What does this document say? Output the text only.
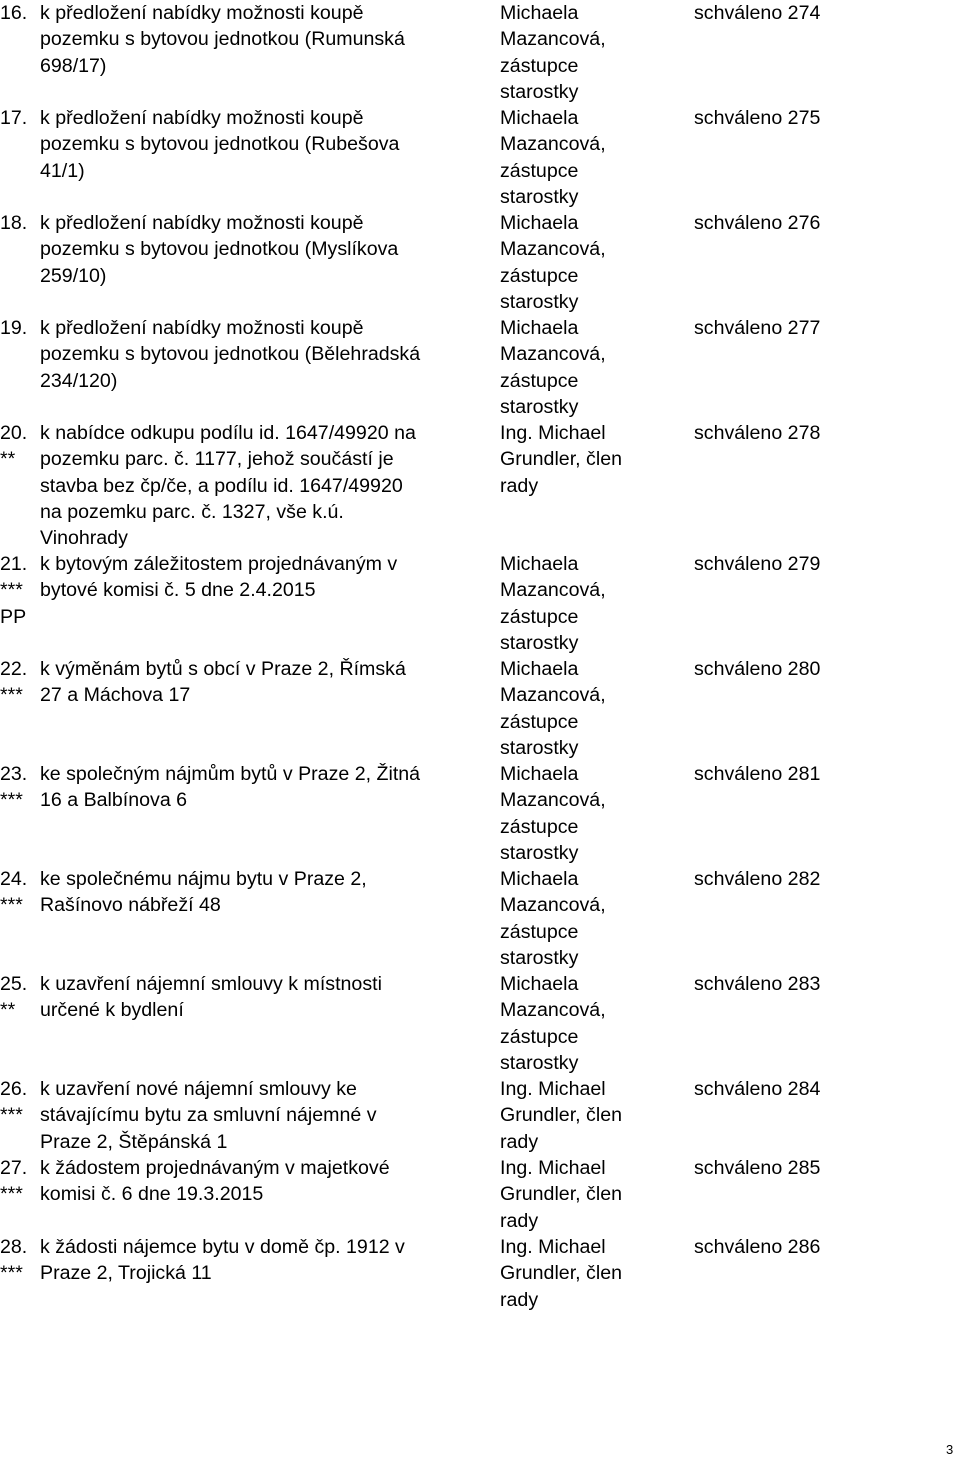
16. k předložení nabídky možnosti koupě
pozemku s bytovou jednotkou (Rumunská
698/17)
Michaela
Mazancová,
zástupce
starostky
schváleno 274
17. k předložení nabídky možnosti koupě
pozemku s bytovou jednotkou (Rubešova
41/1)
Michaela
Mazancová,
zástupce
starostky
schváleno 275
18. k předložení nabídky možnosti koupě
pozemku s bytovou jednotkou (Myslíkova
259/10)
Michaela
Mazancová,
zástupce
starostky
schváleno 276
19. k předložení nabídky možnosti koupě
pozemku s bytovou jednotkou (Bělehradská
234/120)
Michaela
Mazancová,
zástupce
starostky
schváleno 277
20.
**
k nabídce odkupu podílu id. 1647/49920 na
pozemku parc. č. 1177, jehož součástí je
stavba bez čp/če, a podílu id. 1647/49920
na pozemku parc. č. 1327, vše k.ú.
Vinohrady
Ing. Michael
Grundler, člen
rady
schváleno 278
21.
***
PP
k bytovým záležitostem projednávaným v
bytové komisi č. 5 dne 2.4.2015
Michaela
Mazancová,
zástupce
starostky
schváleno 279
22.
***
k výměnám bytů s obcí v Praze 2, Římská
27 a Máchova 17
Michaela
Mazancová,
zástupce
starostky
schváleno 280
23.
***
ke společným nájmům bytů v Praze 2, Žitná
16 a Balbínova 6
Michaela
Mazancová,
zástupce
starostky
schváleno 281
24.
***
ke společnému nájmu bytu v Praze 2,
Rašínovo nábřeží 48
Michaela
Mazancová,
zástupce
starostky
schváleno 282
25.
**
k uzavření nájemní smlouvy k místnosti
určené k bydlení
Michaela
Mazancová,
zástupce
starostky
schváleno 283
26.
***
k uzavření nové nájemní smlouvy ke
stávajícímu bytu za smluvní nájemné v
Praze 2, Štěpánská 1
Ing. Michael
Grundler, člen
rady
schváleno 284
27.
***
k žádostem projednávaným v majetkové
komisi č. 6 dne 19.3.2015
Ing. Michael
Grundler, člen
rady
schváleno 285
28.
***
k žádosti nájemce bytu v domě čp. 1912 v
Praze 2, Trojická 11
Ing. Michael
Grundler, člen
rady
schváleno 286
3
